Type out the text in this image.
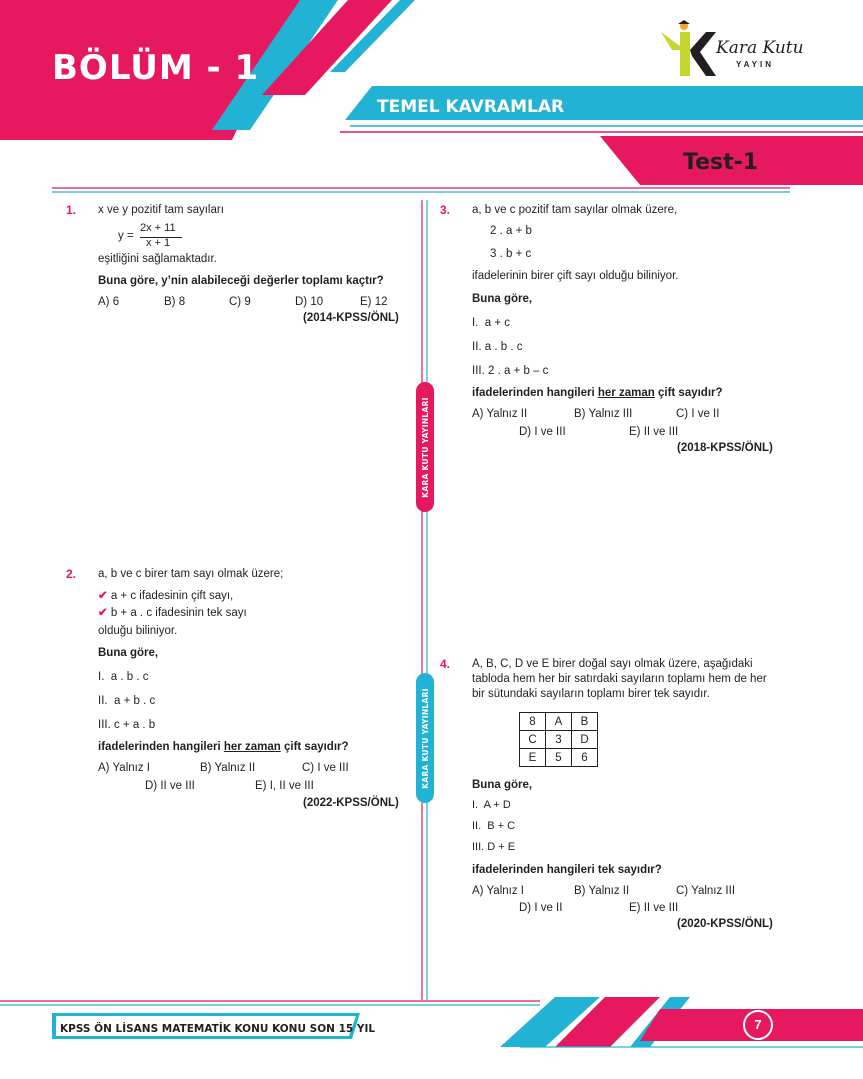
BÖLÜM - 1
TEMEL KAVRAMLAR
Test-1
Kara Kutu
YAYIN
KARA KUTU YAYINLARI
KARA KUTU YAYINLARI
1. x ve y pozitif tam sayıları
y =
2x + 11
x + 1
eşitliğini sağlamaktadır.
Buna göre, y’nin alabileceği değerler toplamı kaçtır?
A) 6	B) 8	C) 9	D) 10	E) 12
(2014-KPSS/ÖNL)
2. a, b ve c birer tam sayı olmak üzere;
✔ a + c ifadesinin çift sayı,
✔ b + a . c ifadesinin tek sayı
olduğu biliniyor.
Buna göre,
I.  a . b . c
II.  a + b . c
III. c + a . b
ifadelerinden hangileri her zaman çift sayıdır?
A) Yalnız I	B) Yalnız II	C) I ve III
D) II ve III	E) I, II ve III
(2022-KPSS/ÖNL)
3. a, b ve c pozitif tam sayılar olmak üzere,
2 . a + b
3 . b + c
ifadelerinin birer çift sayı olduğu biliniyor.
Buna göre,
I.  a + c
II. a . b . c
III. 2 . a + b – c
ifadelerinden hangileri her zaman çift sayıdır?
A) Yalnız II	B) Yalnız III	C) I ve II
D) I ve III	E) II ve III
(2018-KPSS/ÖNL)
4. A, B, C, D ve E birer doğal sayı olmak üzere, aşağıdaki
tabloda hem her bir satırdaki sayıların toplamı hem de her
bir sütundaki sayıların toplamı birer tek sayıdır.
8	A	B
C	3	D
E	5	6
Buna göre,
I.  A + D
II.  B + C
III. D + E
ifadelerinden hangileri tek sayıdır?
A) Yalnız I	B) Yalnız II	C) Yalnız III
D) I ve II	E) II ve III
(2020-KPSS/ÖNL)
KPSS ÖN LİSANS MATEMATİK KONU KONU SON 15 YIL	7
